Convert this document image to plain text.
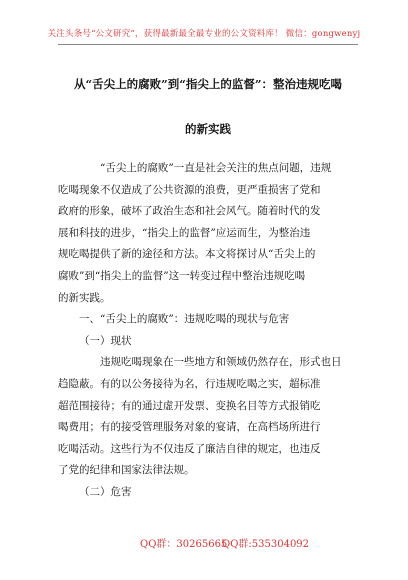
关注头条号“公文研究”，获得最新最全最专业的公文资料库！ 微信：gongwenyj
从“舌尖上的腐败”到“指尖上的监督”：整治违规吃喝
的新实践
“舌尖上的腐败”一直是社会关注的焦点问题，违规
吃喝现象不仅造成了公共资源的浪费，更严重损害了党和
政府的形象，破坏了政治生态和社会风气。随着时代的发
展和科技的进步，“指尖上的监督”应运而生，为整治违
规吃喝提供了新的途径和方法。本文将探讨从“舌尖上的
腐败”到“指尖上的监督”这一转变过程中整治违规吃喝
的新实践。
一、“舌尖上的腐败”：违规吃喝的现状与危害
（一）现状
违规吃喝现象在一些地方和领域仍然存在，形式也日
趋隐蔽。有的以公务接待为名，行违规吃喝之实，超标准
超范围接待；有的通过虚开发票、变换名目等方式报销吃
喝费用；有的接受管理服务对象的宴请，在高档场所进行
吃喝活动。这些行为不仅违反了廉洁自律的规定，也违反
了党的纪律和国家法律法规。
（二）危害
QQ群：30265665
QQ群:535304092
